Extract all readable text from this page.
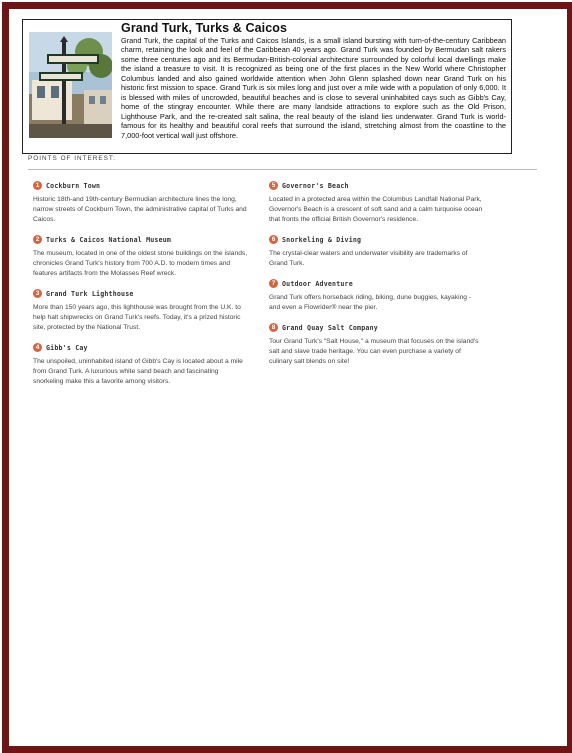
Grand Turk, Turks & Caicos
Grand Turk, the capital of the Turks and Caicos Islands, is a small island bursting with turn-of-the-century Caribbean charm, retaining the look and feel of the Caribbean 40 years ago. Grand Turk was founded by Bermudan salt rakers some three centuries ago and its Bermudan-British-colonial architecture surrounded by colorful local dwellings make the island a treasure to visit. It is recognized as being one of the first places in the New World where Christopher Columbus landed and also gained worldwide attention when John Glenn splashed down near Grand Turk on his historic first mission to space. Grand Turk is six miles long and just over a mile wide with a population of only 6,000. It is blessed with miles of uncrowded, beautiful beaches and is close to several uninhabited cays such as Gibb's Cay, home of the stingray encounter. While there are many landside attractions to explore such as the Old Prison, Lighthouse Park, and the re-created salt salina, the real beauty of the island lies underwater. Grand Turk is world-famous for its healthy and beautiful coral reefs that surround the island, stretching almost from the coastline to the 7,000-foot vertical wall just offshore.
POINTS OF INTEREST:
1	Cockburn Town
Historic 18th-and 19th-century Bermudian architecture lines the long, narrow streets of Cockburn Town, the administrative capital of Turks and Caicos.
2	Turks & Caicos National Museum
The museum, located in one of the oldest stone buildings on the islands, chronicles Grand Turk's history from 700 A.D. to modern times and features artifacts from the Molasses Reef wreck.
3	Grand Turk Lighthouse
More than 150 years ago, this lighthouse was brought from the U.K. to help halt shipwrecks on Grand Turk's reefs. Today, it's a prized historic site, protected by the National Trust.
4	Gibb's Cay
The unspoiled, uninhabited island of Gibb's Cay is located about a mile from Grand Turk. A luxurious white sand beach and fascinating snorkeling make this a favorite among visitors.
5	Governor's Beach
Located in a protected area within the Columbus Landfall National Park, Governor's Beach is a crescent of soft sand and a calm turquoise ocean that fronts the official British Governor's residence.
6	Snorkeling & Diving
The crystal-clear waters and underwater visibility are trademarks of Grand Turk.
7	Outdoor Adventure
Grand Turk offers horseback riding, biking, dune buggies, kayaking - and even a Flowrider® near the pier.
8	Grand Quay Salt Company
Tour Grand Turk's "Salt House," a museum that focuses on the island's salt and slave trade heritage. You can even purchase a variety of culinary salt blends on site!
